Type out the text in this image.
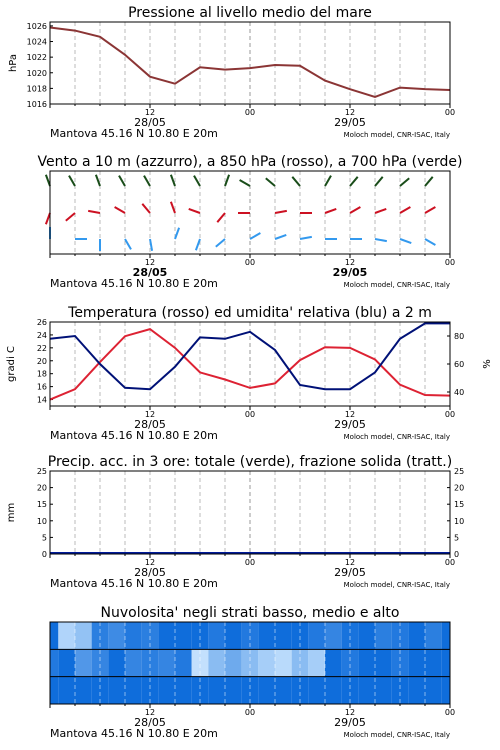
Pressione al livello medio del mare
1016
1018
1020
1022
1024
1026
hPa
12	00	12	00
28/05	29/05
Mantova 45.16 N 10.80 E 20m	Moloch model, CNR-ISAC, Italy
Vento a 10 m (azzurro), a 850 hPa (rosso), a 700 hPa (verde)
12	00	12	00
28/05	29/05
Mantova 45.16 N 10.80 E 20m	Moloch model, CNR-ISAC, Italy
Temperatura (rosso) ed umidita' relativa (blu) a 2 m
14
16
18
20
22
24
26
40
60
80
gradi C	%
12	00	12	00
28/05	29/05
Mantova 45.16 N 10.80 E 20m	Moloch model, CNR-ISAC, Italy
Precip. acc. in 3 ore: totale (verde), frazione solida (tratt.)
0
5
10
15
20
25
0
5
10
15
20
25
mm
12	00	12	00
28/05	29/05
Mantova 45.16 N 10.80 E 20m	Moloch model, CNR-ISAC, Italy
Nuvolosita' negli strati basso, medio e alto
12	00	12	00
28/05	29/05
Mantova 45.16 N 10.80 E 20m	Moloch model, CNR-ISAC, Italy
